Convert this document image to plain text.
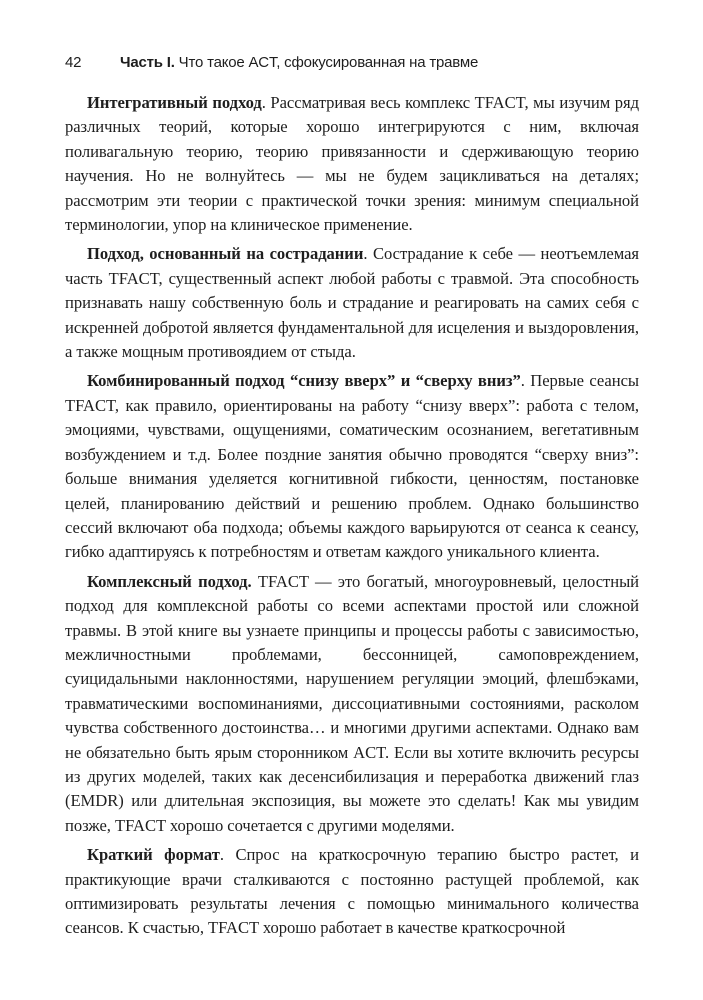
42	Часть I. Что такое ACT, сфокусированная на травме

Интегративный подход. Рассматривая весь комплекс TFACT, мы изучим ряд различных теорий, которые хорошо интегрируются с ним, включая поливагальную теорию, теорию привязанности и сдерживающую теорию научения. Но не волнуйтесь — мы не будем зацикливаться на деталях; рассмотрим эти теории с практической точки зрения: минимум специальной терминологии, упор на клиническое применение.

Подход, основанный на сострадании. Сострадание к себе — неотъемлемая часть TFACT, существенный аспект любой работы с травмой. Эта способность признавать нашу собственную боль и страдание и реагировать на самих себя с искренней добротой является фундаментальной для исцеления и выздоровления, а также мощным противоядием от стыда.

Комбинированный подход “снизу вверх” и “сверху вниз”. Первые сеансы TFACT, как правило, ориентированы на работу “снизу вверх”: работа с телом, эмоциями, чувствами, ощущениями, соматическим осознанием, вегетативным возбуждением и т.д. Более поздние занятия обычно проводятся “сверху вниз”: больше внимания уделяется когнитивной гибкости, ценностям, постановке целей, планированию действий и решению проблем. Однако большинство сессий включают оба подхода; объемы каждого варьируются от сеанса к сеансу, гибко адаптируясь к потребностям и ответам каждого уникального клиента.

Комплексный подход. TFACT — это богатый, многоуровневый, целостный подход для комплексной работы со всеми аспектами простой или сложной травмы. В этой книге вы узнаете принципы и процессы работы с зависимостью, межличностными проблемами, бессонницей, самоповреждением, суицидальными наклонностями, нарушением регуляции эмоций, флешбэками, травматическими воспоминаниями, диссоциативными состояниями, расколом чувства собственного достоинства… и многими другими аспектами. Однако вам не обязательно быть ярым сторонником ACT. Если вы хотите включить ресурсы из других моделей, таких как десенсибилизация и переработка движений глаз (EMDR) или длительная экспозиция, вы можете это сделать! Как мы увидим позже, TFACT хорошо сочетается с другими моделями.

Краткий формат. Спрос на краткосрочную терапию быстро растет, и практикующие врачи сталкиваются с постоянно растущей проблемой, как оптимизировать результаты лечения с помощью минимального количества сеансов. К счастью, TFACT хорошо работает в качестве краткосрочной
